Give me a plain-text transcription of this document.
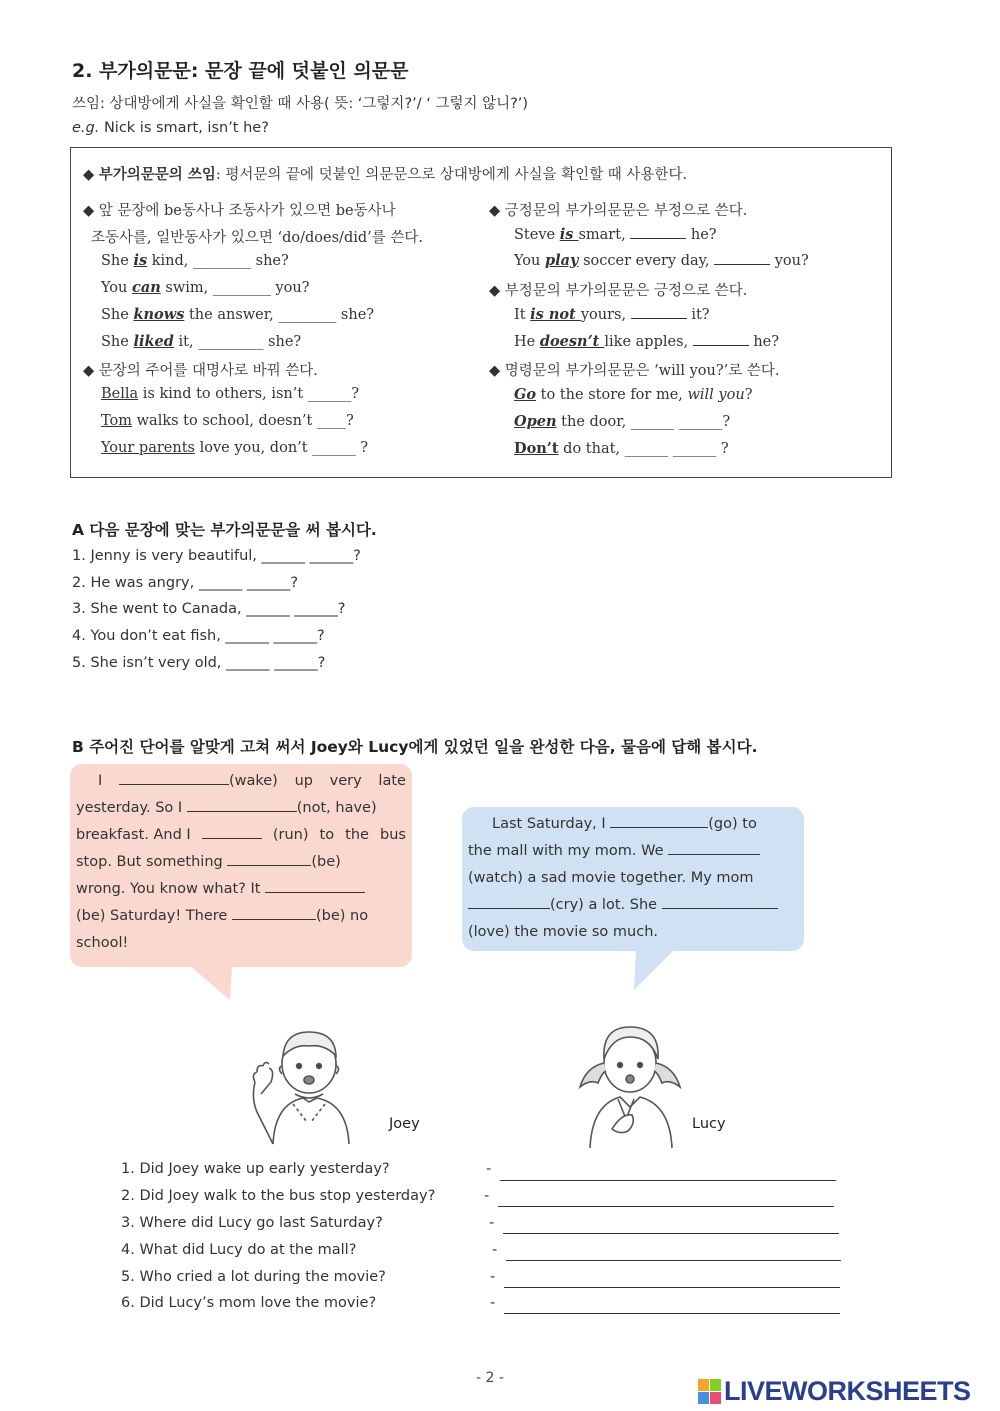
2. 부가의문문: 문장 끝에 덧붙인 의문문
쓰임: 상대방에게 사실을 확인할 때 사용( 뜻: ‘그렇지?’/ ‘ 그렇지 않니?’)
e.g. Nick is smart, isn’t he?
◆ 부가의문문의 쓰임: 평서문의 끝에 덧붙인 의문문으로 상대방에게 사실을 확인할 때 사용한다.
◆ 앞 문장에 be동사나 조동사가 있으면 be동사나
조동사를, 일반동사가 있으면 ‘do/does/did’를 쓴다.
She is kind, ________ she?
You can swim, ________ you?
She knows the answer, ________ she?
She liked it, _________ she?
◆ 문장의 주어를 대명사로 바꿔 쓴다.
Bella is kind to others, isn’t ______?
Tom walks to school, doesn’t ____?
Your parents love you, don’t ______ ?
◆ 긍정문의 부가의문문은 부정으로 쓴다.
Steve is smart,	he?
You play soccer every day,	you?
◆ 부정문의 부가의문문은 긍정으로 쓴다.
It is not yours,	it?
He doesn’t like apples,	he?
◆ 명령문의 부가의문문은 ‘will you?’로 쓴다.
Go to the store for me, will you?
Open the door, ______ ______?
Don’t do that, ______ ______ ?
A 다음 문장에 맞는 부가의문문을 써 봅시다.
1. Jenny is very beautiful, ______ ______?
2. He was angry, ______ ______?
3. She went to Canada, ______ ______?
4. You don’t eat fish, ______ ______?
5. She isn’t very old, ______ ______?
B 주어진 단어를 알맞게 고쳐 써서 Joey와 Lucy에게 있었던 일을 완성한 다음, 물음에 답해 봅시다.
I	(wake) up very late
yesterday. So I	(not, have)
breakfast. And I	(run) to the bus
stop. But something	(be)
wrong. You know what? It
(be) Saturday! There	(be) no
school!
Last Saturday, I	(go) to
the mall with my mom. We
(watch) a sad movie together. My mom
(cry) a lot. She
(love) the movie so much.
Joey	Lucy
1. Did Joey wake up early yesterday?	-
2. Did Joey walk to the bus stop yesterday?	-
3. Where did Lucy go last Saturday?	-
4. What did Lucy do at the mall?	-
5. Who cried a lot during the movie?	-
6. Did Lucy’s mom love the movie?	-
- 2 -	LIVEWORKSHEETS
